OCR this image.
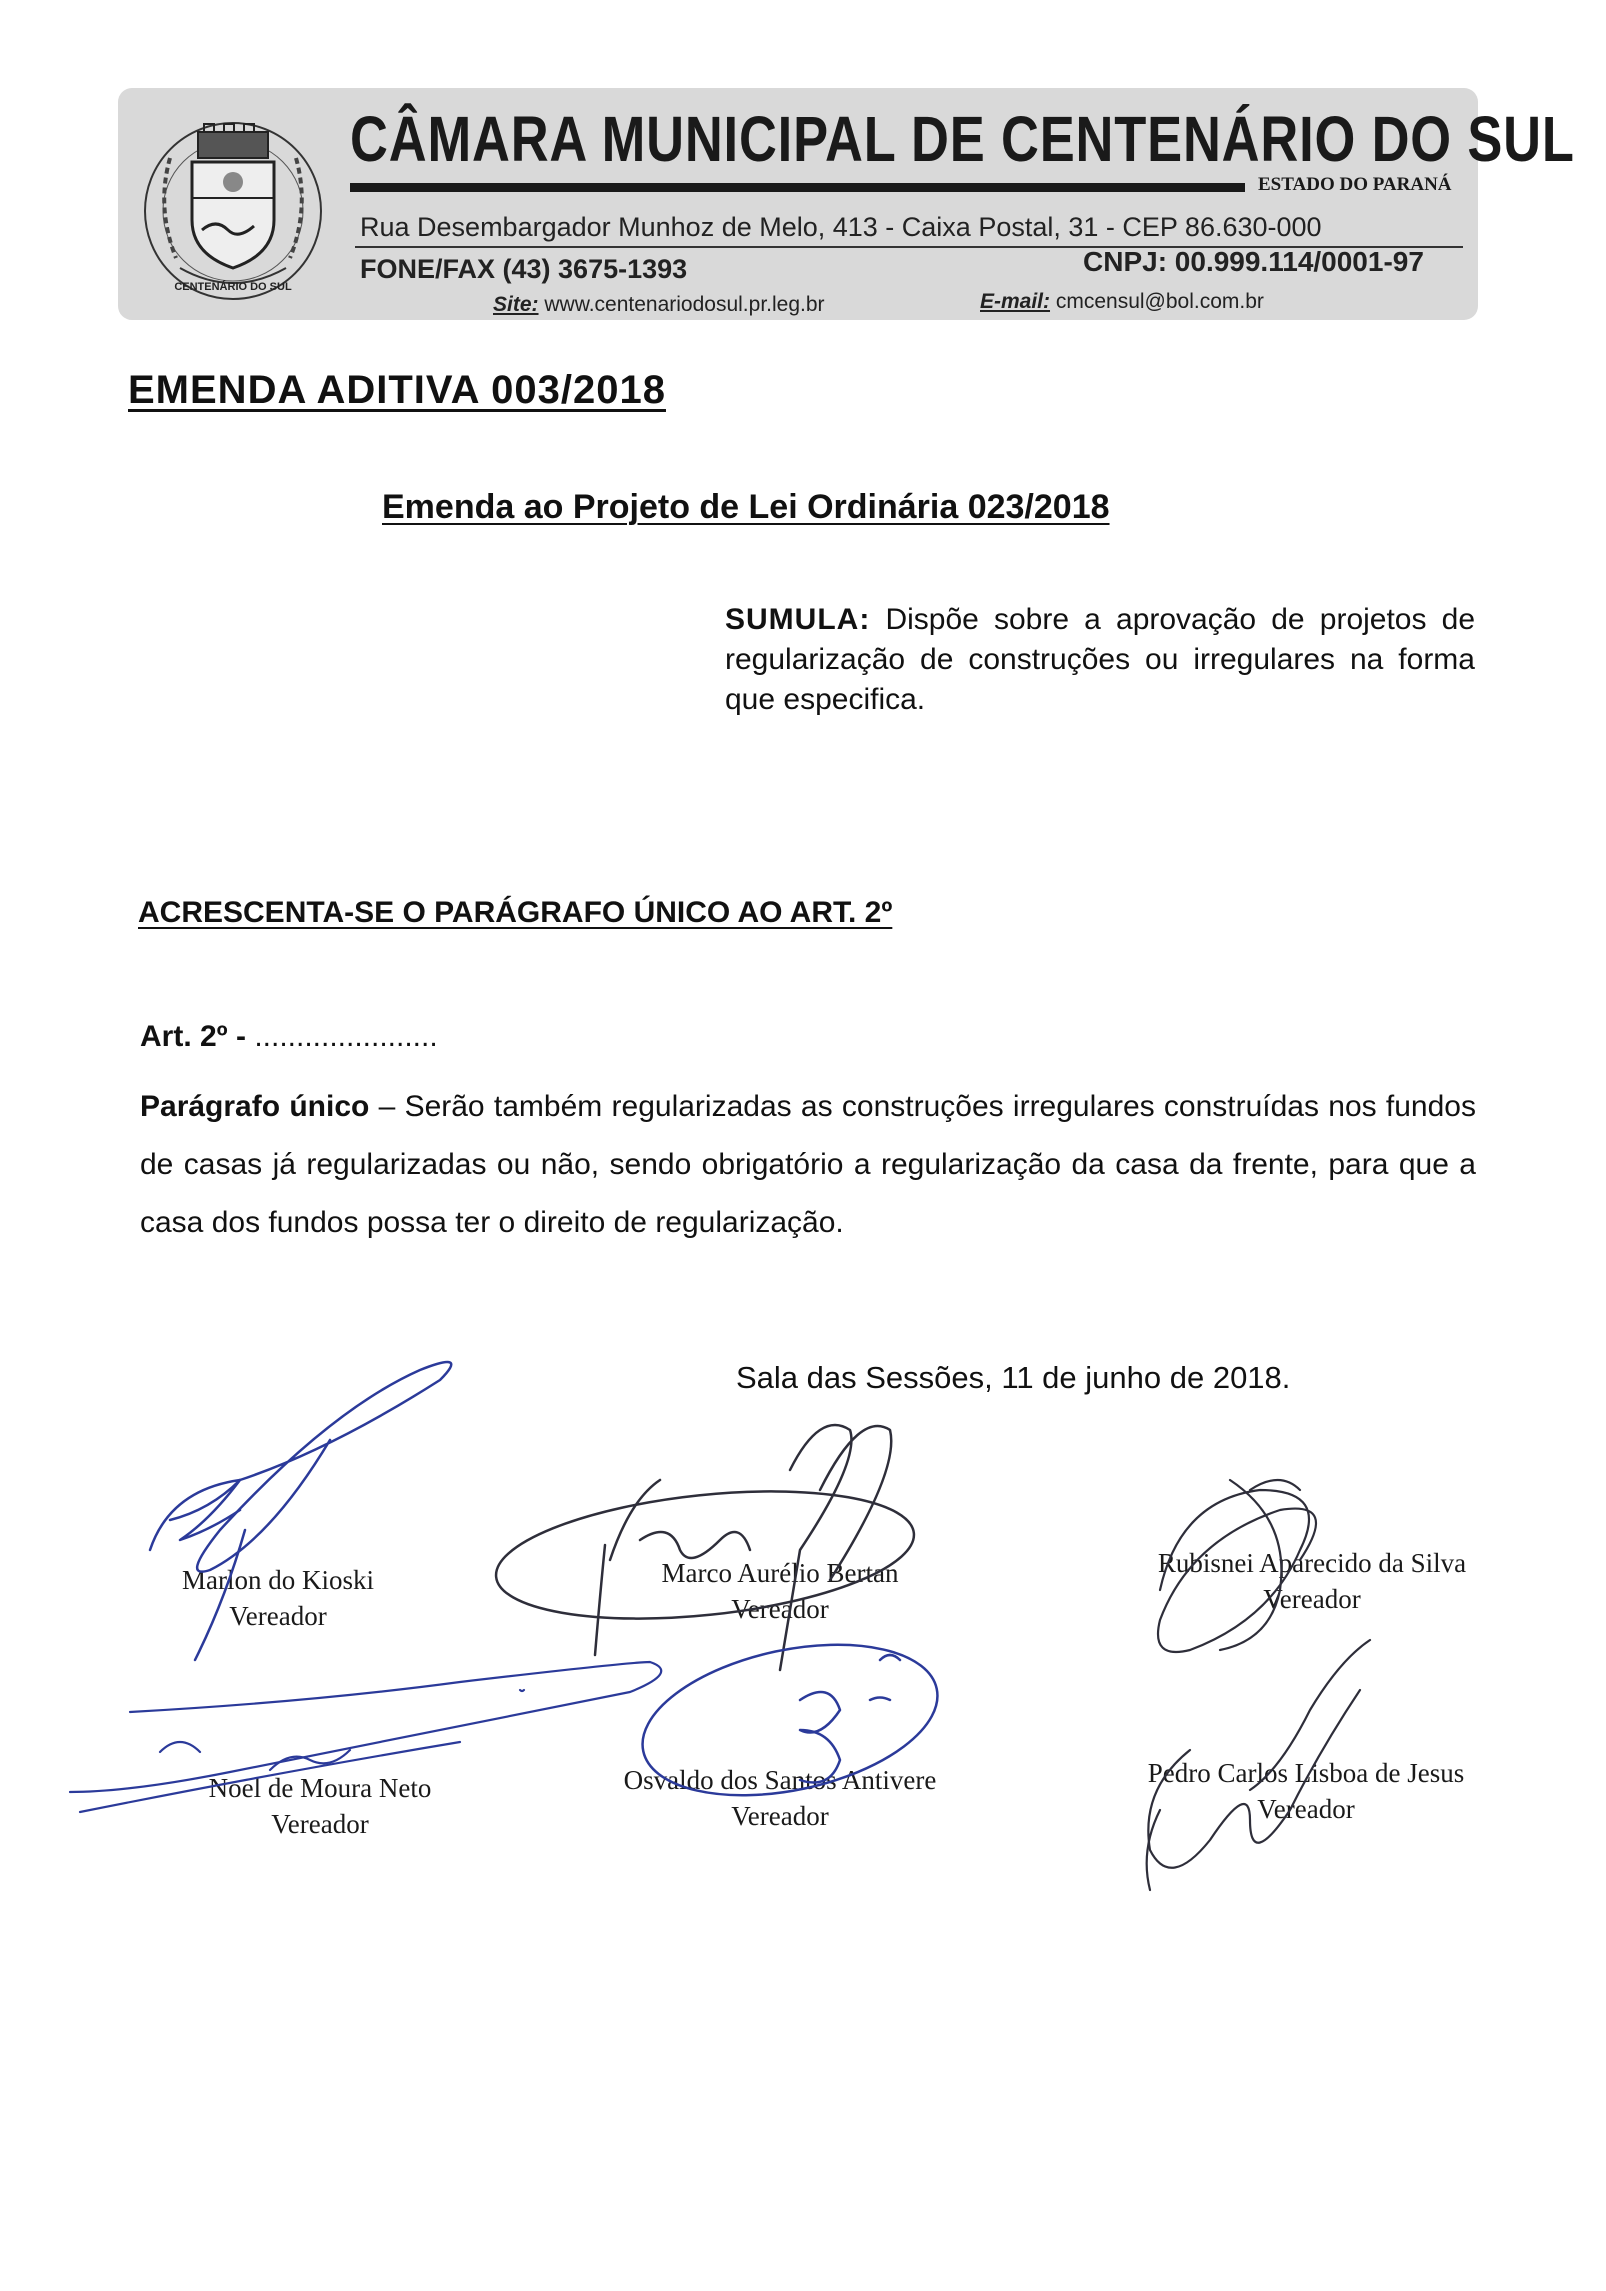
CENTENÁRIO DO SUL
CÂMARA MUNICIPAL DE CENTENÁRIO DO SUL
ESTADO DO PARANÁ
Rua Desembargador Munhoz de Melo, 413 - Caixa Postal, 31 - CEP 86.630-000
FONE/FAX (43) 3675-1393	CNPJ: 00.999.114/0001-97
Site: www.centenariodosul.pr.leg.br	E-mail: cmcensul@bol.com.br
EMENDA ADITIVA 003/2018
Emenda ao Projeto de Lei Ordinária 023/2018
SUMULA: Dispõe sobre a aprovação de projetos de regularização de construções ou irregulares na forma que especifica.
ACRESCENTA-SE O PARÁGRAFO ÚNICO AO ART. 2º
Art. 2º - ......................
Parágrafo único – Serão também regularizadas as construções irregulares construídas nos fundos de casas já regularizadas ou não, sendo obrigatório a regularização da casa da frente, para que a casa dos fundos possa ter o direito de regularização.
Sala das Sessões, 11 de junho de 2018.
Marlon do Kioski
Vereador
Marco Aurélio Bertan
Vereador
Rubisnei Aparecido da Silva
Vereador
Noel de Moura Neto
Vereador
Osvaldo dos Santos Antivere
Vereador
Pedro Carlos Lisboa de Jesus
Vereador
